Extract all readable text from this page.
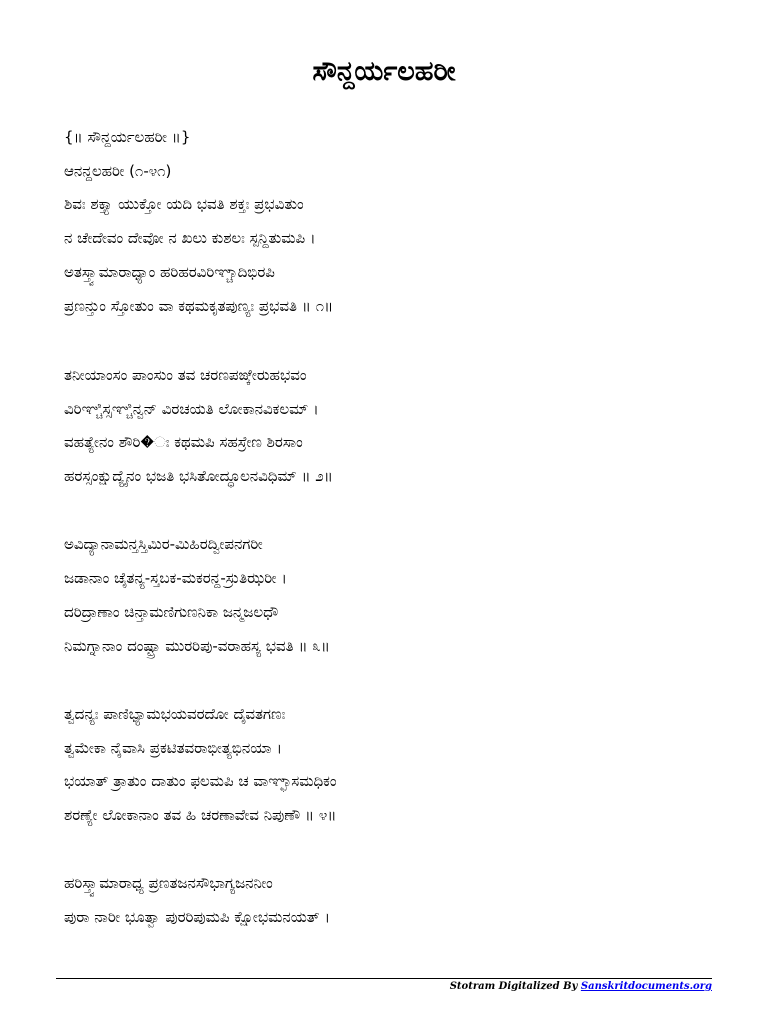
ಸೌನ್ದರ್ಯಲಹರೀ
{॥ ಸೌನ್ದರ್ಯಲಹರೀ ॥}
ಆನನ್ದಲಹರೀ (೧-೪೧)
ಶಿವಃ ಶಕ್ತ್ಯಾ ಯುಕ್ತೋ ಯದಿ ಭವತಿ ಶಕ್ತಃ ಪ್ರಭವಿತುಂ
ನ ಚೇದೇವಂ ದೇವೋ ನ ಖಲು ಕುಶಲಃ ಸ್ಪನ್ದಿತುಮಪಿ ।
ಅತಸ್ತ್ವಾಮಾರಾಧ್ಯಾಂ ಹರಿಹರವಿರಿಞ್ಚಾದಿಭಿರಪಿ
ಪ್ರಣನ್ತುಂ ಸ್ತೋತುಂ ವಾ ಕಥಮಕೃತಪುಣ್ಯಃ ಪ್ರಭವತಿ ॥ ೧॥
ತನೀಯಾಂಸಂ ಪಾಂಸುಂ ತವ ಚರಣಪಙ್ಕೇರುಹಭವಂ
ವಿರಿಞ್ಚಿಸ್ಸಞ್ಚಿನ್ವನ್ ವಿರಚಯತಿ ಲೋಕಾನವಿಕಲಮ್ ।
ವಹತ್ಯೇನಂ ಶೌರಿ�ಃ ಕಥಮಪಿ ಸಹಸ್ರೇಣ ಶಿರಸಾಂ
ಹರಸ್ಸಂಕ್ಷುದ್ಯೈನಂ ಭಜತಿ ಭಸಿತೋದ್ಧೂಲನವಿಧಿಮ್ ॥ ೨॥
ಅವಿದ್ಯಾನಾಮನ್ತಸ್ತಿಮಿರ-ಮಿಹಿರದ್ವೀಪನಗರೀ
ಜಡಾನಾಂ ಚೈತನ್ಯ-ಸ್ತಬಕ-ಮಕರನ್ದ-ಸ್ರುತಿಝರೀ ।
ದರಿದ್ರಾಣಾಂ ಚಿನ್ತಾಮಣಿಗುಣನಿಕಾ ಜನ್ಮಜಲಧೌ
ನಿಮಗ್ನಾನಾಂ ದಂಷ್ಟ್ರಾ ಮುರರಿಪು-ವರಾಹಸ್ಯ ಭವತಿ ॥ ೩॥
ತ್ವದನ್ಯಃ ಪಾಣಿಭ್ಯಾಮಭಯವರದೋ ದೈವತಗಣಃ
ತ್ವಮೇಕಾ ನೈವಾಸಿ ಪ್ರಕಟಿತವರಾಭೀತ್ಯಭಿನಯಾ ।
ಭಯಾತ್ ತ್ರಾತುಂ ದಾತುಂ ಫಲಮಪಿ ಚ ವಾಞ್ಛಾಸಮಧಿಕಂ
ಶರಣ್ಯೇ ಲೋಕಾನಾಂ ತವ ಹಿ ಚರಣಾವೇವ ನಿಪುಣೌ ॥ ೪॥
ಹರಿಸ್ತ್ವಾಮಾರಾಧ್ಯ ಪ್ರಣತಜನಸೌಭಾಗ್ಯಜನನೀಂ
ಪುರಾ ನಾರೀ ಭೂತ್ವಾ ಪುರರಿಪುಮಪಿ ಕ್ಷೋಭಮನಯತ್ ।
Stotram Digitalized By Sanskritdocuments.org
